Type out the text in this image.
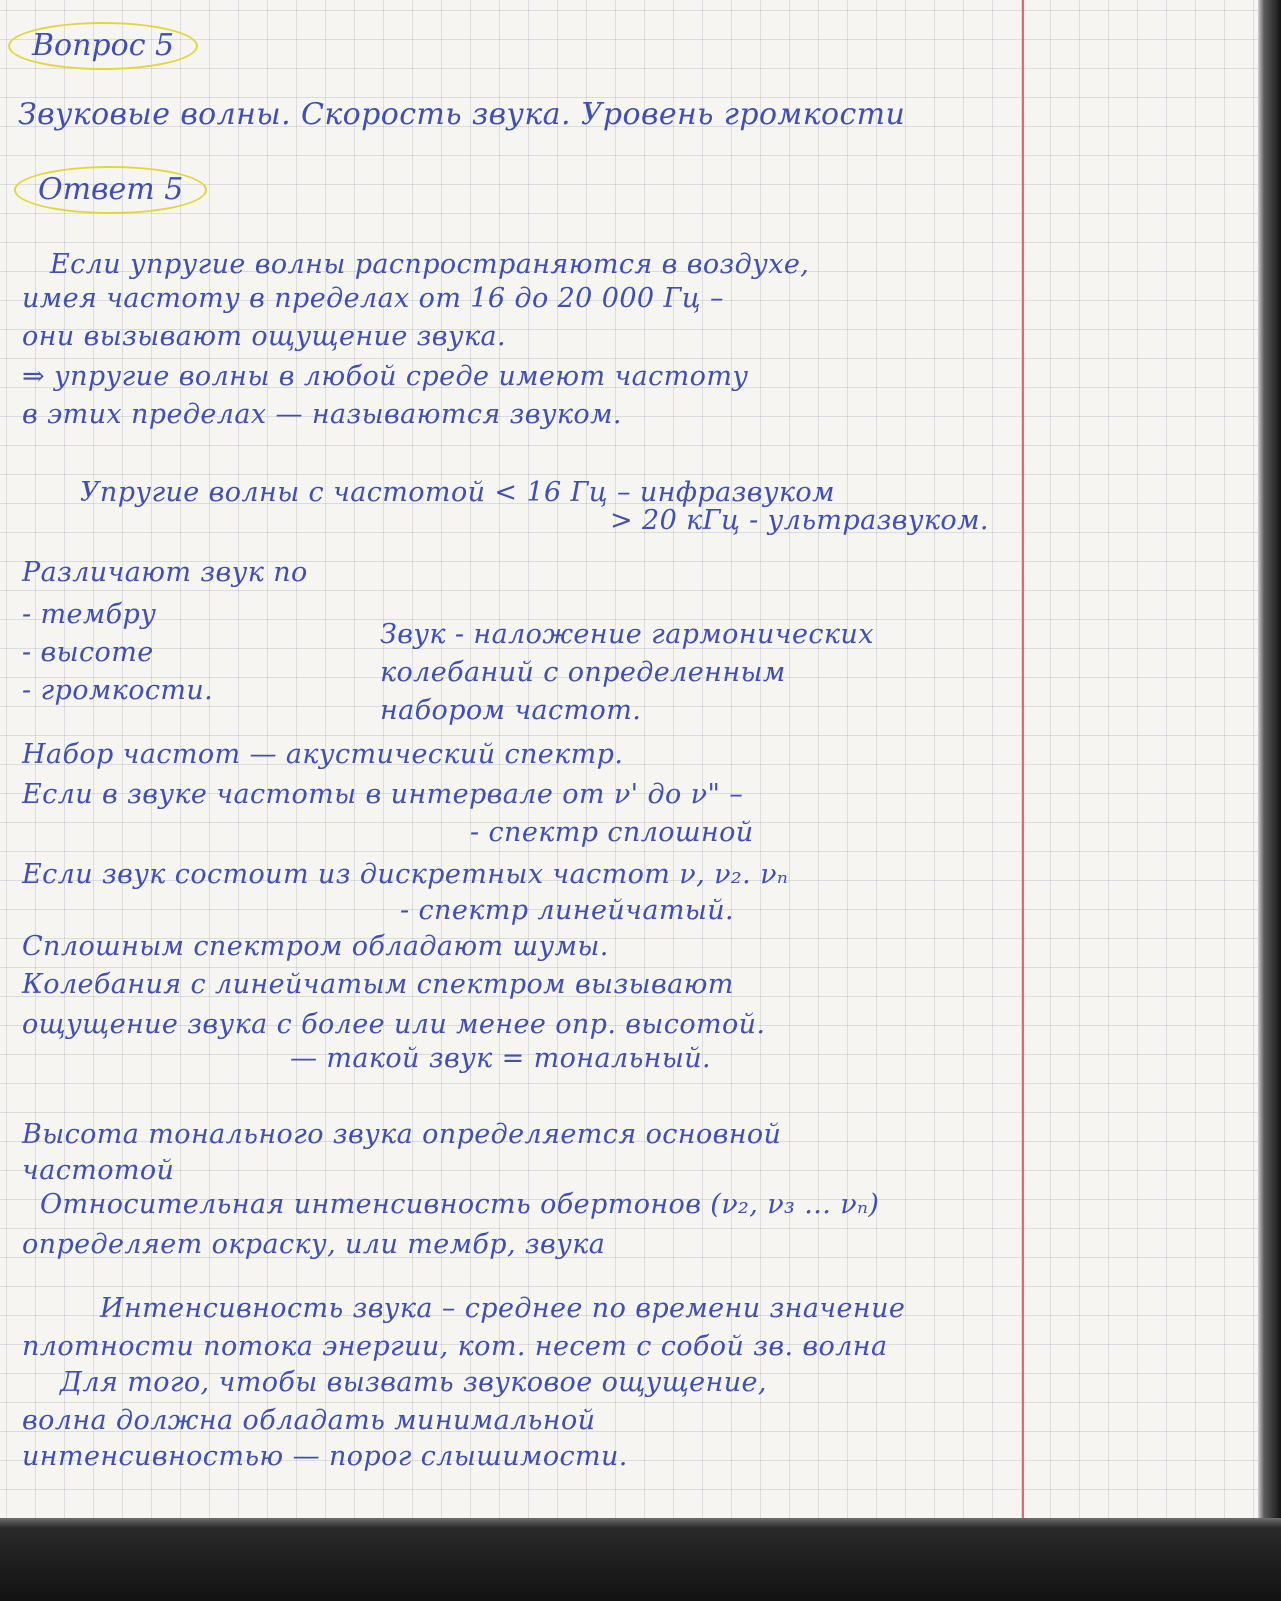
Вопрос 5

Звуковые волны. Скорость звука. Уровень громкости

Ответ 5

Если упругие волны распространяются в воздухе,

имея частоту в пределах от 16 до 20 000 Гц –

они вызывают ощущение звука.

⇒ упругие волны в любой среде имеют частоту

в этих пределах — называются звуком.

Упругие волны с частотой < 16 Гц – инфразвуком

> 20 кГц - ультразвуком.

Различают звук по

- тембру

- высоте

- громкости.

Звук - наложение гармонических

колебаний с определенным

набором частот.

Набор частот — акустический спектр.

Если в звуке частоты в интервале от ν' до ν" –

- спектр сплошной

Если звук состоит из дискретных частот ν, ν₂. νₙ

- спектр линейчатый.

Сплошным спектром обладают шумы.

Колебания с линейчатым спектром вызывают

ощущение звука с более или менее опр. высотой.

— такой звук = тональный.

Высота тонального звука определяется основной

частотой

Относительная интенсивность обертонов (ν₂, ν₃ ... νₙ)

определяет окраску, или тембр, звука

Интенсивность звука – среднее по времени значение

плотности потока энергии, кот. несет с собой зв. волна

Для того, чтобы вызвать звуковое ощущение,

волна должна обладать минимальной

интенсивностью — порог слышимости.
